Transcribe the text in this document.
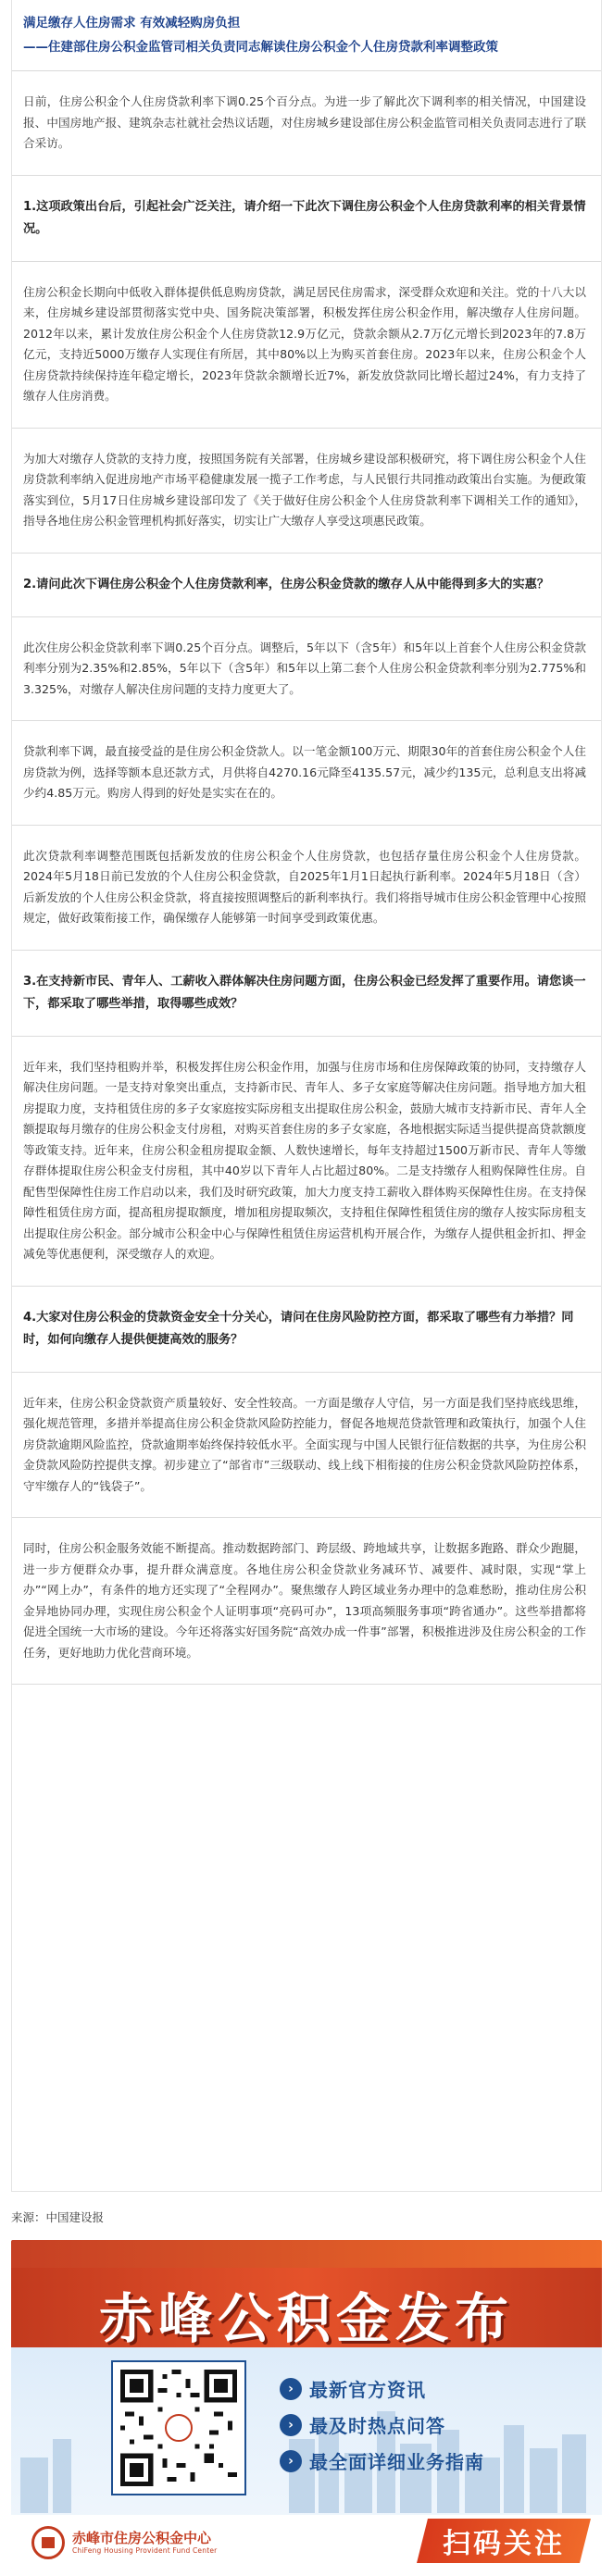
满足缴存人住房需求 有效减轻购房负担
——住建部住房公积金监管司相关负责同志解读住房公积金个人住房贷款利率调整政策

日前，住房公积金个人住房贷款利率下调0.25个百分点。为进一步了解此次下调利率的相关情况，中国建设报、中国房地产报、建筑杂志社就社会热议话题，对住房城乡建设部住房公积金监管司相关负责同志进行了联合采访。

1.这项政策出台后，引起社会广泛关注，请介绍一下此次下调住房公积金个人住房贷款利率的相关背景情况。

住房公积金长期向中低收入群体提供低息购房贷款，满足居民住房需求，深受群众欢迎和关注。党的十八大以来，住房城乡建设部贯彻落实党中央、国务院决策部署，积极发挥住房公积金作用，解决缴存人住房问题。2012年以来，累计发放住房公积金个人住房贷款12.9万亿元，贷款余额从2.7万亿元增长到2023年的7.8万亿元，支持近5000万缴存人实现住有所居，其中80%以上为购买首套住房。2023年以来，住房公积金个人住房贷款持续保持连年稳定增长，2023年贷款余额增长近7%，新发放贷款同比增长超过24%，有力支持了缴存人住房消费。

为加大对缴存人贷款的支持力度，按照国务院有关部署，住房城乡建设部积极研究，将下调住房公积金个人住房贷款利率纳入促进房地产市场平稳健康发展一揽子工作考虑，与人民银行共同推动政策出台实施。为便政策落实到位，5月17日住房城乡建设部印发了《关于做好住房公积金个人住房贷款利率下调相关工作的通知》，指导各地住房公积金管理机构抓好落实，切实让广大缴存人享受这项惠民政策。

2.请问此次下调住房公积金个人住房贷款利率，住房公积金贷款的缴存人从中能得到多大的实惠？

此次住房公积金贷款利率下调0.25个百分点。调整后，5年以下（含5年）和5年以上首套个人住房公积金贷款利率分别为2.35%和2.85%，5年以下（含5年）和5年以上第二套个人住房公积金贷款利率分别为2.775%和3.325%，对缴存人解决住房问题的支持力度更大了。

贷款利率下调，最直接受益的是住房公积金贷款人。以一笔金额100万元、期限30年的首套住房公积金个人住房贷款为例，选择等额本息还款方式，月供将自4270.16元降至4135.57元，减少约135元，总利息支出将减少约4.85万元。购房人得到的好处是实实在在的。

此次贷款利率调整范围既包括新发放的住房公积金个人住房贷款，也包括存量住房公积金个人住房贷款。2024年5月18日前已发放的个人住房公积金贷款，自2025年1月1日起执行新利率。2024年5月18日（含）后新发放的个人住房公积金贷款，将直接按照调整后的新利率执行。我们将指导城市住房公积金管理中心按照规定，做好政策衔接工作，确保缴存人能够第一时间享受到政策优惠。

3.在支持新市民、青年人、工薪收入群体解决住房问题方面，住房公积金已经发挥了重要作用。请您谈一下，都采取了哪些举措，取得哪些成效？

近年来，我们坚持租购并举，积极发挥住房公积金作用，加强与住房市场和住房保障政策的协同，支持缴存人解决住房问题。一是支持对象突出重点，支持新市民、青年人、多子女家庭等解决住房问题。指导地方加大租房提取力度，支持租赁住房的多子女家庭按实际房租支出提取住房公积金，鼓励大城市支持新市民、青年人全额提取每月缴存的住房公积金支付房租，对购买首套住房的多子女家庭，各地根据实际适当提供提高贷款额度等政策支持。近年来，住房公积金租房提取金额、人数快速增长，每年支持超过1500万新市民、青年人等缴存群体提取住房公积金支付房租，其中40岁以下青年人占比超过80%。二是支持缴存人租购保障性住房。自配售型保障性住房工作启动以来，我们及时研究政策，加大力度支持工薪收入群体购买保障性住房。在支持保障性租赁住房方面，提高租房提取额度，增加租房提取频次，支持租住保障性租赁住房的缴存人按实际房租支出提取住房公积金。部分城市公积金中心与保障性租赁住房运营机构开展合作，为缴存人提供租金折扣、押金减免等优惠便利，深受缴存人的欢迎。

4.大家对住房公积金的贷款资金安全十分关心，请问在住房风险防控方面，都采取了哪些有力举措？同时，如何向缴存人提供便捷高效的服务？

近年来，住房公积金贷款资产质量较好、安全性较高。一方面是缴存人守信，另一方面是我们坚持底线思维，强化规范管理，多措并举提高住房公积金贷款风险防控能力，督促各地规范贷款管理和政策执行，加强个人住房贷款逾期风险监控，贷款逾期率始终保持较低水平。全面实现与中国人民银行征信数据的共享，为住房公积金贷款风险防控提供支撑。初步建立了“部省市”三级联动、线上线下相衔接的住房公积金贷款风险防控体系，守牢缴存人的“钱袋子”。

同时，住房公积金服务效能不断提高。推动数据跨部门、跨层级、跨地域共享，让数据多跑路、群众少跑腿，进一步方便群众办事，提升群众满意度。各地住房公积金贷款业务减环节、减要件、减时限，实现“掌上办”“网上办”，有条件的地方还实现了“全程网办”。聚焦缴存人跨区域业务办理中的急难愁盼，推动住房公积金异地协同办理，实现住房公积金个人证明事项“亮码可办”，13项高频服务事项“跨省通办”。这些举措都将促进全国统一大市场的建设。今年还将落实好国务院“高效办成一件事”部署，积极推进涉及住房公积金的工作任务，更好地助力优化营商环境。

来源：中国建设报
赤峰公积金发布
› 最新官方资讯
› 最及时热点问答
› 最全面详细业务指南
赤峰市住房公积金中心
ChiFeng Housing Provident Fund Center	扫码关注
